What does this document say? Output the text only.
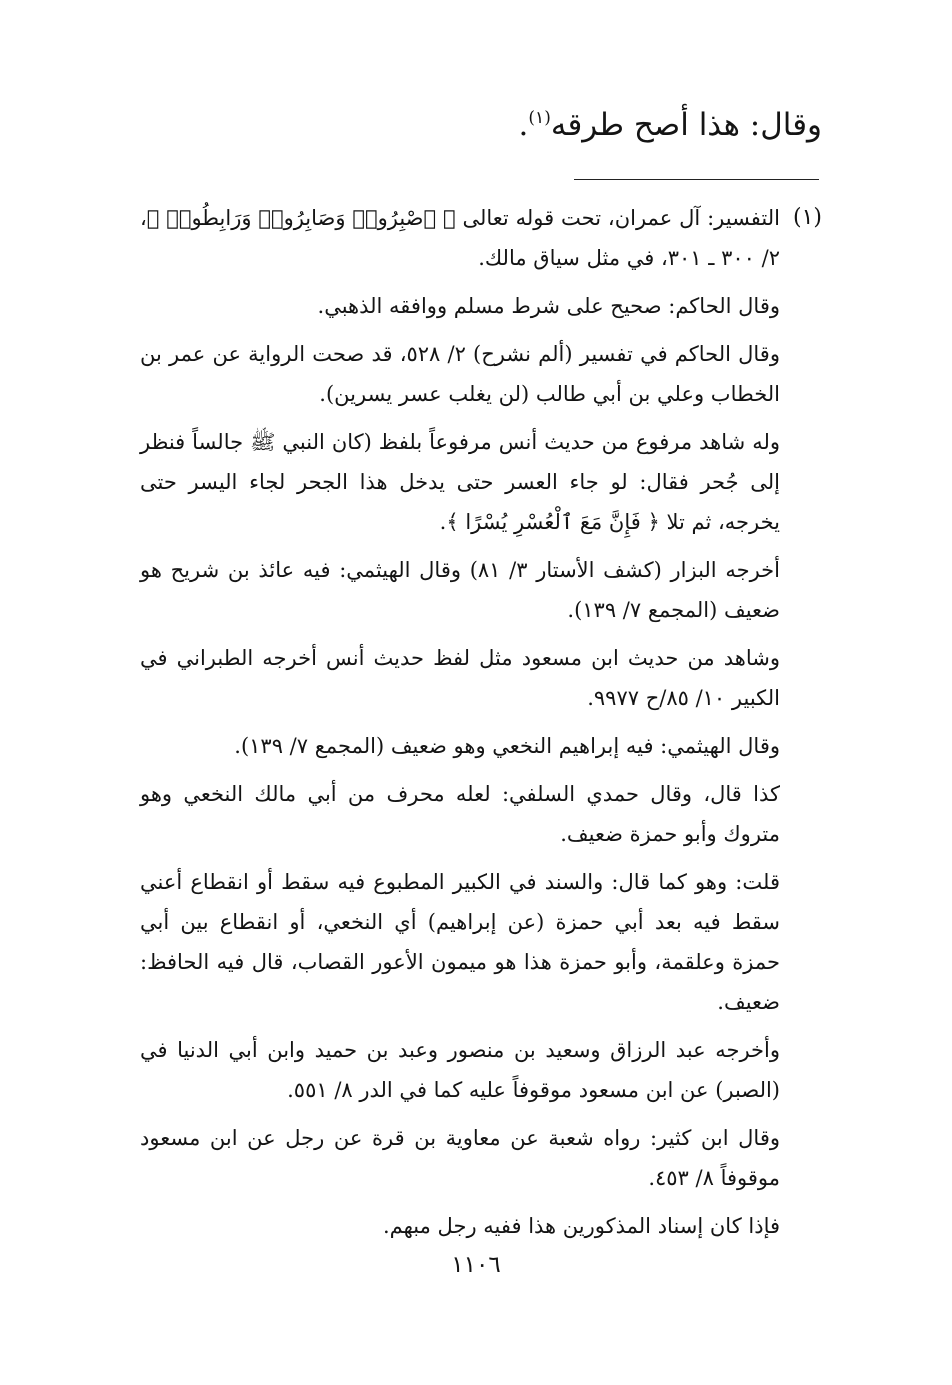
وقال: هذا أصح طرقه$^{(١)}$.
(١)

التفسير: آل عمران، تحت قوله تعالى ﴿ ٱصْبِرُوا۟ وَصَابِرُوا۟ وَرَابِطُوا۟ ﴾، ٢/ ٣٠٠ ـ ٣٠١، في مثل سياق مالك.

وقال الحاكم: صحيح على شرط مسلم ووافقه الذهبي.

وقال الحاكم في تفسير (ألم نشرح) ٢/ ٥٢٨، قد صحت الرواية عن عمر بن الخطاب وعلي بن أبي طالب (لن يغلب عسر يسرين).

وله شاهد مرفوع من حديث أنس مرفوعاً بلفظ (كان النبي ﷺ جالساً فنظر إلى جُحر فقال: لو جاء العسر حتى يدخل هذا الجحر لجاء اليسر حتى يخرجه، ثم تلا ﴿ فَإِنَّ مَعَ ٱلْعُسْرِ يُسْرًا ﴾.

أخرجه البزار (كشف الأستار ٣/ ٨١) وقال الهيثمي: فيه عائذ بن شريح هو ضعيف (المجمع ٧/ ١٣٩).

وشاهد من حديث ابن مسعود مثل لفظ حديث أنس أخرجه الطبراني في الكبير ١٠/ ٨٥/ح ٩٩٧٧.

وقال الهيثمي: فيه إبراهيم النخعي وهو ضعيف (المجمع ٧/ ١٣٩).

كذا قال، وقال حمدي السلفي: لعله محرف من أبي مالك النخعي وهو متروك وأبو حمزة ضعيف.

قلت: وهو كما قال: والسند في الكبير المطبوع فيه سقط أو انقطاع أعني سقط فيه بعد أبي حمزة (عن إبراهيم) أي النخعي، أو انقطاع بين أبي حمزة وعلقمة، وأبو حمزة هذا هو ميمون الأعور القصاب، قال فيه الحافظ: ضعيف.

وأخرجه عبد الرزاق وسعيد بن منصور وعبد بن حميد وابن أبي الدنيا في (الصبر) عن ابن مسعود موقوفاً عليه كما في الدر ٨/ ٥٥١.

وقال ابن كثير: رواه شعبة عن معاوية بن قرة عن رجل عن ابن مسعود موقوفاً ٨/ ٤٥٣.

فإذا كان إسناد المذكورين هذا ففيه رجل مبهم.

١١٠٦
